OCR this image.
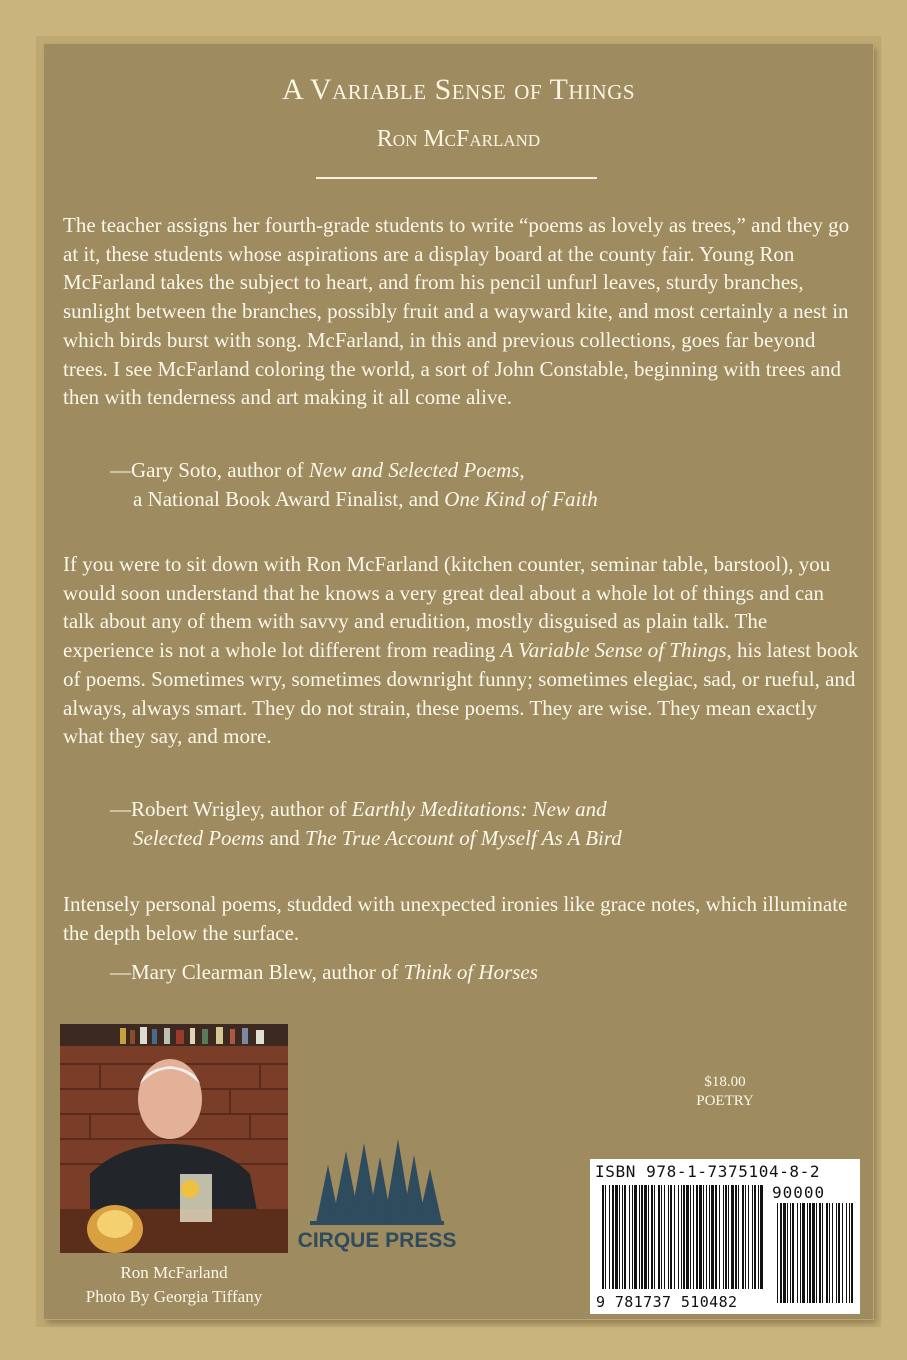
A Variable Sense of Things
Ron McFarland
The teacher assigns her fourth-grade students to write “poems as lovely as trees,” and they go at it, these students whose aspirations are a display board at the county fair. Young Ron McFarland takes the subject to heart, and from his pencil unfurl leaves, sturdy branches, sunlight between the branches, possibly fruit and a wayward kite, and most certainly a nest in which birds burst with song. McFarland, in this and previous collections, goes far beyond trees. I see McFarland coloring the world, a sort of John Constable, beginning with trees and then with tenderness and art making it all come alive.
—Gary Soto, author of New and Selected Poems,
a National Book Award Finalist, and One Kind of Faith
If you were to sit down with Ron McFarland (kitchen counter, seminar table, barstool), you would soon understand that he knows a very great deal about a whole lot of things and can talk about any of them with savvy and erudition, mostly disguised as plain talk. The experience is not a whole lot different from reading A Variable Sense of Things, his latest book of poems. Sometimes wry, sometimes downright funny; sometimes elegiac, sad, or rueful, and always, always smart. They do not strain, these poems. They are wise. They mean exactly what they say, and more.
—Robert Wrigley, author of Earthly Meditations: New and
Selected Poems and The True Account of Myself As A Bird
Intensely personal poems, studded with unexpected ironies like grace notes, which illuminate the depth below the surface.
—Mary Clearman Blew, author of Think of Horses
Ron McFarland
Photo By Georgia Tiffany
CIRQUE PRESS
$18.00
POETRY
ISBN 978-1-7375104-8-2
90000
9 781737 510482
